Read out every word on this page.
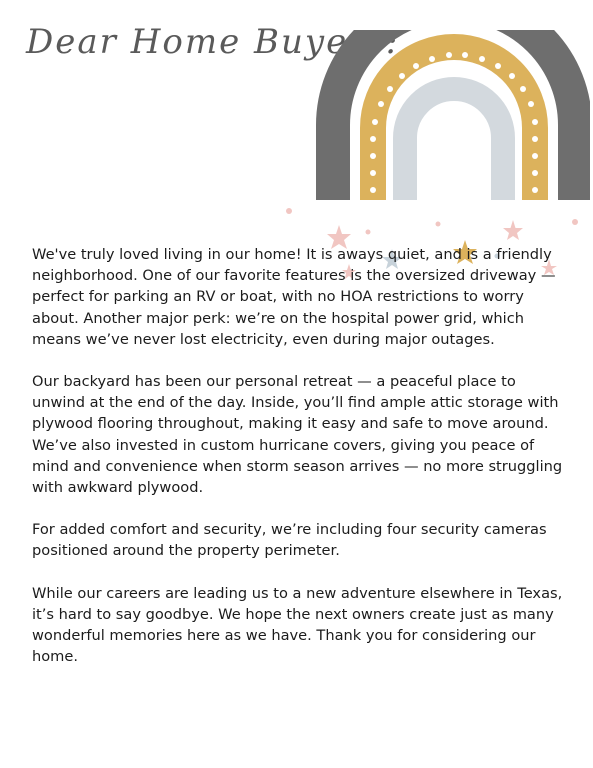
Dear Home Buyers:

We've truly loved living in our home! It is aways quiet, and is a friendly neighborhood. One of our favorite features is the oversized driveway — perfect for parking an RV or boat, with no HOA restrictions to worry about. Another major perk: we’re on the hospital power grid, which means we’ve never lost electricity, even during major outages.

Our backyard has been our personal retreat — a peaceful place to unwind at the end of the day. Inside, you’ll find ample attic storage with plywood flooring throughout, making it easy and safe to move around. We’ve also invested in custom hurricane covers, giving you peace of mind and convenience when storm season arrives — no more struggling with awkward plywood.

For added comfort and security, we’re including four security cameras positioned around the property perimeter.

While our careers are leading us to a new adventure elsewhere in Texas, it’s hard to say goodbye. We hope the next owners create just as many wonderful memories here as we have. Thank you for considering our home.
